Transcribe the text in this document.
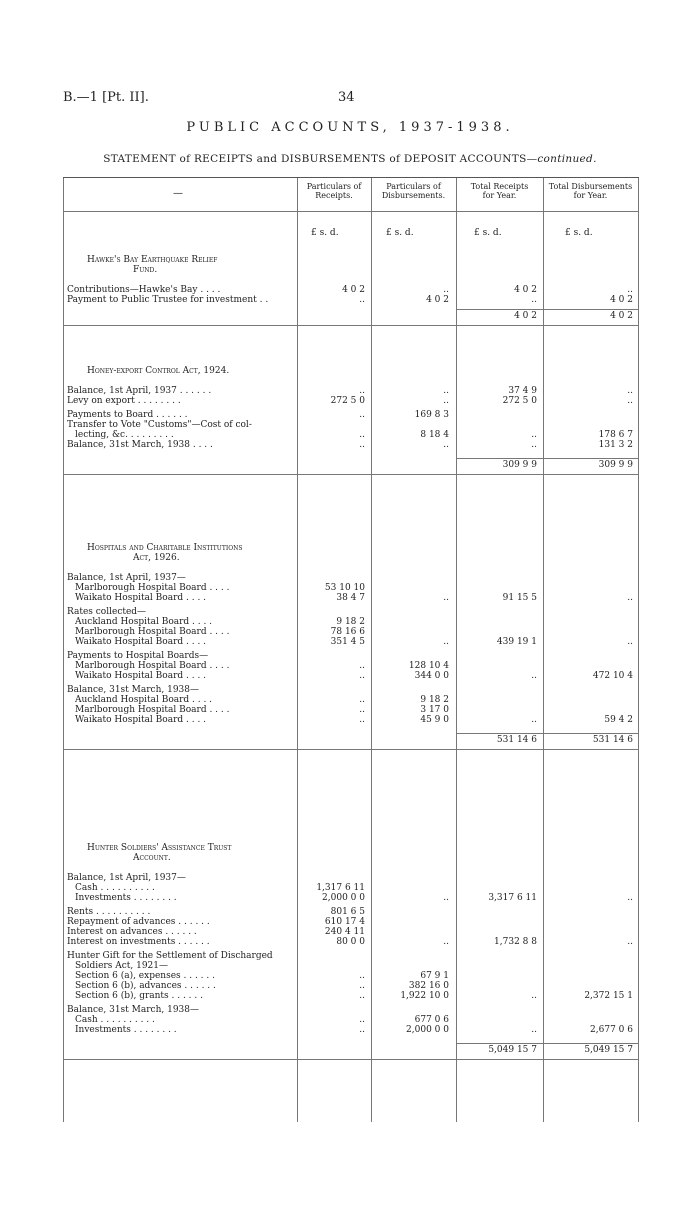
B.—1 [Pt. II].	34
PUBLIC ACCOUNTS, 1937-1938.
STATEMENT of RECEIPTS and DISBURSEMENTS of DEPOSIT ACCOUNTS—continued.
—
Particulars of
Receipts.
Particulars of
Disbursements.
Total Receipts
for Year.
Total Disbursements
for Year.
£ s. d.	£ s. d.	£ s. d.	£ s. d.
Hawke's Bay Earthquake Relief
Fund.
Contributions—Hawke's Bay . . . .	4 0 2	..	4 0 2	..
Payment to Public Trustee for investment . .	..	4 0 2	..	4 0 2
4 0 2	4 0 2
Honey-export Control Act, 1924.
Balance, 1st April, 1937 . . . . . .	..	..	37 4 9	..
Levy on export . . . . . . . .	272 5 0	..	272 5 0	..
Payments to Board . . . . . .	..	169 8 3
Transfer to Vote "Customs"—Cost of col-
lecting, &c. . . . . . . . .	..	8 18 4	..	178 6 7
Balance, 31st March, 1938 . . . .	..	..	..	131 3 2
309 9 9	309 9 9
Hospitals and Charitable Institutions
Act, 1926.
Balance, 1st April, 1937—
Marlborough Hospital Board . . . .	53 10 10
Waikato Hospital Board . . . .	38 4 7	..	91 15 5	..
Rates collected—
Auckland Hospital Board . . . .	9 18 2
Marlborough Hospital Board . . . .	78 16 6
Waikato Hospital Board . . . .	351 4 5	..	439 19 1	..
Payments to Hospital Boards—
Marlborough Hospital Board . . . .	..	128 10 4
Waikato Hospital Board . . . .	..	344 0 0	..	472 10 4
Balance, 31st March, 1938—
Auckland Hospital Board . . . .	..	9 18 2
Marlborough Hospital Board . . . .	..	3 17 0
Waikato Hospital Board . . . .	..	45 9 0	..	59 4 2
531 14 6	531 14 6
Hunter Soldiers' Assistance Trust
Account.
Balance, 1st April, 1937—
Cash . . . . . . . . . .	1,317 6 11
Investments . . . . . . . .	2,000 0 0	..	3,317 6 11	..
Rents . . . . . . . . . .	801 6 5
Repayment of advances . . . . . .	610 17 4
Interest on advances . . . . . .	240 4 11
Interest on investments . . . . . .	80 0 0	..	1,732 8 8	..
Hunter Gift for the Settlement of Discharged
Soldiers Act, 1921—
Section 6 (a), expenses . . . . . .	..	67 9 1
Section 6 (b), advances . . . . . .	..	382 16 0
Section 6 (b), grants . . . . . .	..	1,922 10 0	..	2,372 15 1
Balance, 31st March, 1938—
Cash . . . . . . . . . .	..	677 0 6
Investments . . . . . . . .	..	2,000 0 0	..	2,677 0 6
5,049 15 7	5,049 15 7
